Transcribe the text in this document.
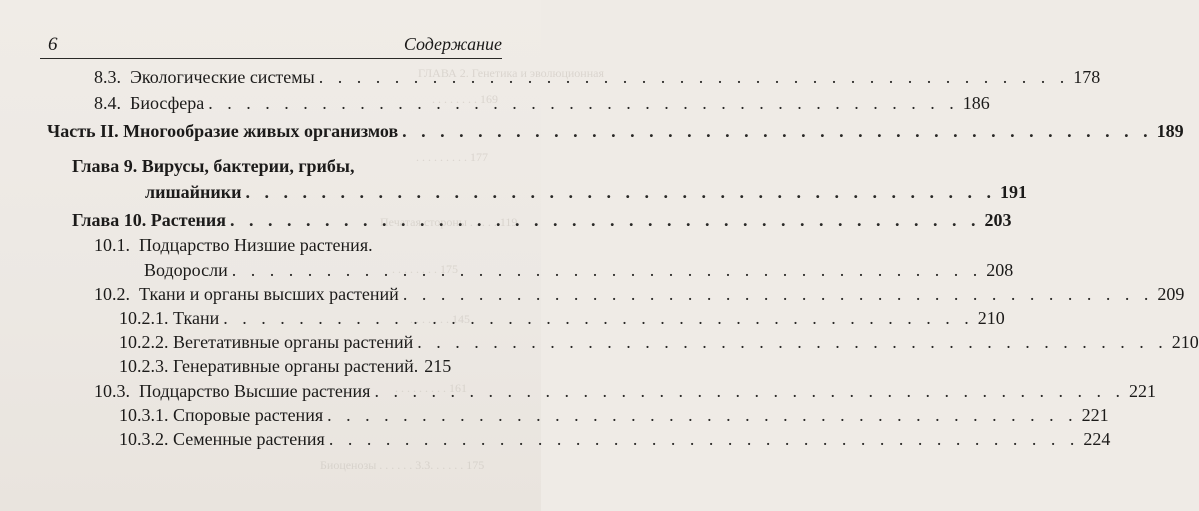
ГЛАВА 2. Генетика и эволюционная
. . . . . . . . 169
. . . . . . . . . 177
Печатая стороны . . . . . 119
. . . . . . . . 175
. . . . . . . 145
. . . . . . . . . 161
Биоценозы . . . . . . 3.3. . . . . . 175
6	Содержание
8.3. Экологические системы . . .	178
8.4. Биосфера . . .	186
Часть II. Многообразие живых организмов . . .	189
Глава 9. Вирусы, бактерии, грибы,
лишайники . . .	191
Глава 10. Растения . . .	203
10.1. Подцарство Низшие растения.
Водоросли . . .	208
10.2. Ткани и органы высших растений . . .	209
10.2.1. Ткани . . .	210
10.2.2. Вегетативные органы растений . . .	210
10.2.3. Генеративные органы растений. 215
10.3. Подцарство Высшие растения . . .	221
10.3.1. Споровые растения . . .	221
10.3.2. Семенные растения . . .	224
